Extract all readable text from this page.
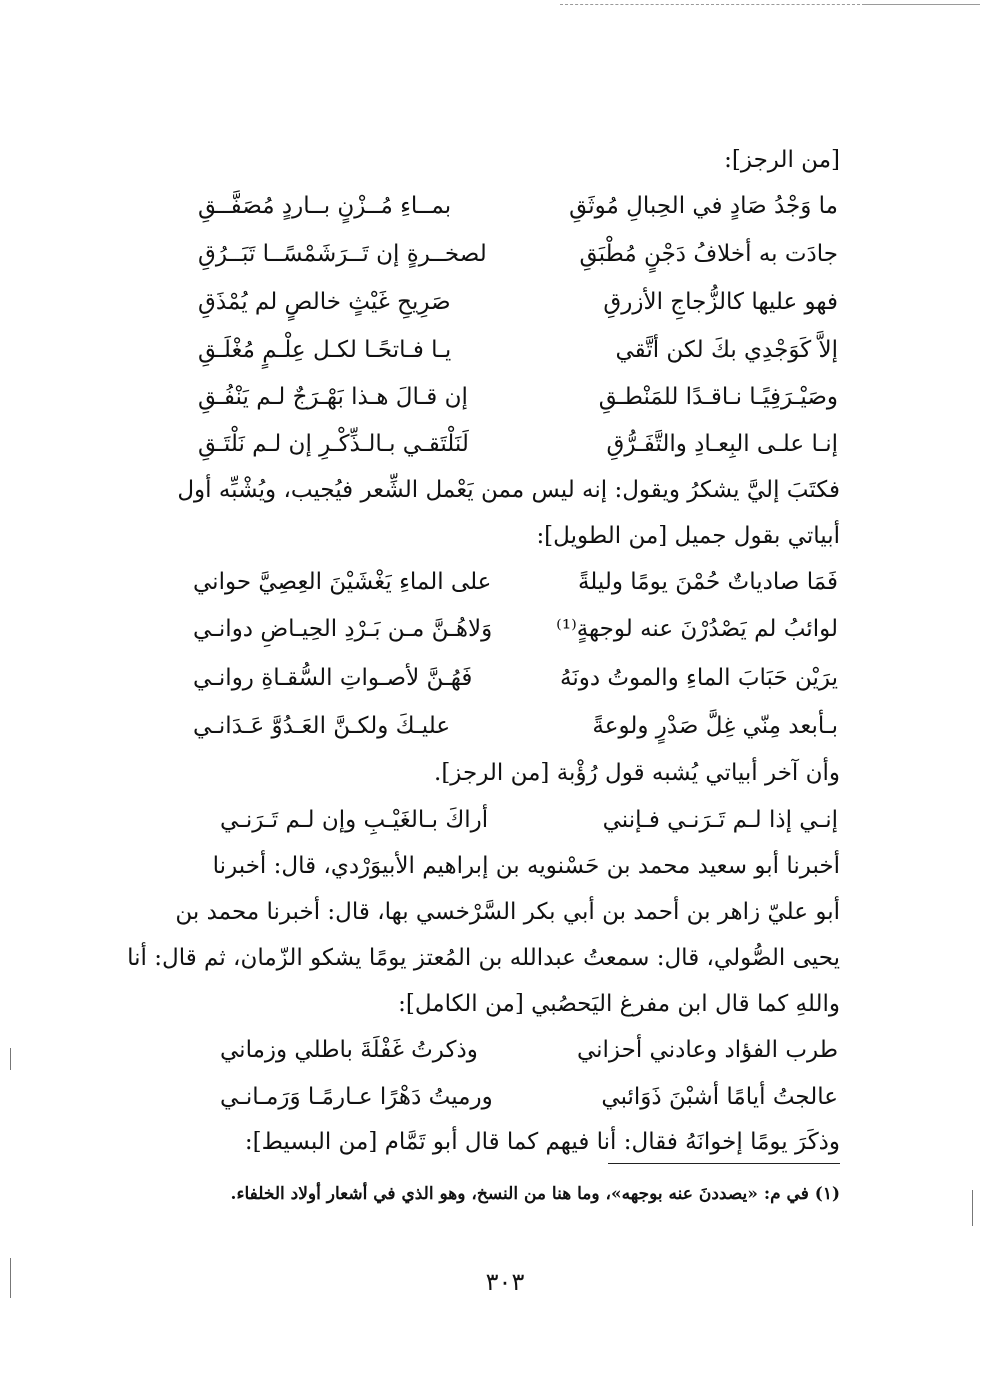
[من الرجز]:
ما وَجْدُ صَادٍ في الحِبالِ مُوثَقِ
بمــاءِ مُــزْنٍ بــاردٍ مُصَفَّــقِ
جادَت به أخلافُ دَجْنٍ مُطْبَقِ
لصخــرةٍ إن تَــرَشَمْسًــا تَبَــرُقِ
فهو عليها كالزُّجاجِ الأزرقِ
صَرِيحِ غَيْثٍ خالصٍ لم يُمْذَقِ
إلاَّ كَوَجْدِي بكَ لكن أتَّقي
يـا فـاتحًـا لكـل عِلْـمٍ مُغْلَـقِ
وصَيْـرَفِيًـا نـاقـدًا للمَنْطـقِ
إن قـالَ هـذا بَهْـرَجٌ لـم يَنْفُـقِ
إنـا علـى البِعـادِ والتَّفَـرُّقِ
لَنَلْتَقـي بـالـذِّكْـرِ إن لـم نَلْتَـقِ
فكتَبَ إليَّ يشكرُ ويقول: إنه ليس ممن يَعْمل الشِّعر فيُجيب، ويُشْبِّه أول
أبياتي بقول جميل [من الطويل]:
فَمَا صادياتٌ حُمْنَ يومًا وليلةً
على الماءِ يَغْشَيْنَ العِصِيَّ حواني
لوائبُ لم يَصْدُرْنَ عنه لوجهةٍ⁽¹⁾
وَلاهُـنَّ مـن بَـرْدِ الحِيـاضِ دوانـي
يرَيْن حَبَابَ الماءِ والموتُ دونَهُ
فَهُـنَّ لأصـواتِ السُّقـاةِ روانـي
بـأبعد مِنّي غِلَّ صَدْرٍ ولوعةً
عليـكَ ولكـنَّ العَـدُوَّ عَـدَانـي
وأن آخر أبياتي يُشبه قول رُؤْبة [من الرجز].
إنـي إذا لـم تَـرَنـي فـإنني
أراكَ بـالغَيْـبِ وإن لـم تَـرَنـي
أخبرنا أبو سعيد محمد بن حَسْنويه بن إبراهيم الأبيوَرْدي، قال: أخبرنا
أبو عليّ زاهر بن أحمد بن أبي بكر السَّرْخسي بها، قال: أخبرنا محمد بن
يحيى الصُّولي، قال: سمعتُ عبدالله بن المُعتز يومًا يشكو الزّمان، ثم قال: أنا
واللهِ كما قال ابن مفرغ اليَحصُبي [من الكامل]:
طرب الفؤاد وعادني أحزاني
وذكرتُ غَفْلَةَ باطلي وزماني
عالجتُ أيامًا أشبْنَ ذَوَائبي
ورميتُ دَهْرًا عـارمًـا وَرَمـانـي
وذكَرَ يومًا إخوانَهُ فقال: أنا فيهم كما قال أبو تَمَّام [من البسيط]:
(١) في م: «يصددنَ عنه بوجهه»، وما هنا من النسخ، وهو الذي في أشعار أولاد الخلفاء.
٣٠٣
